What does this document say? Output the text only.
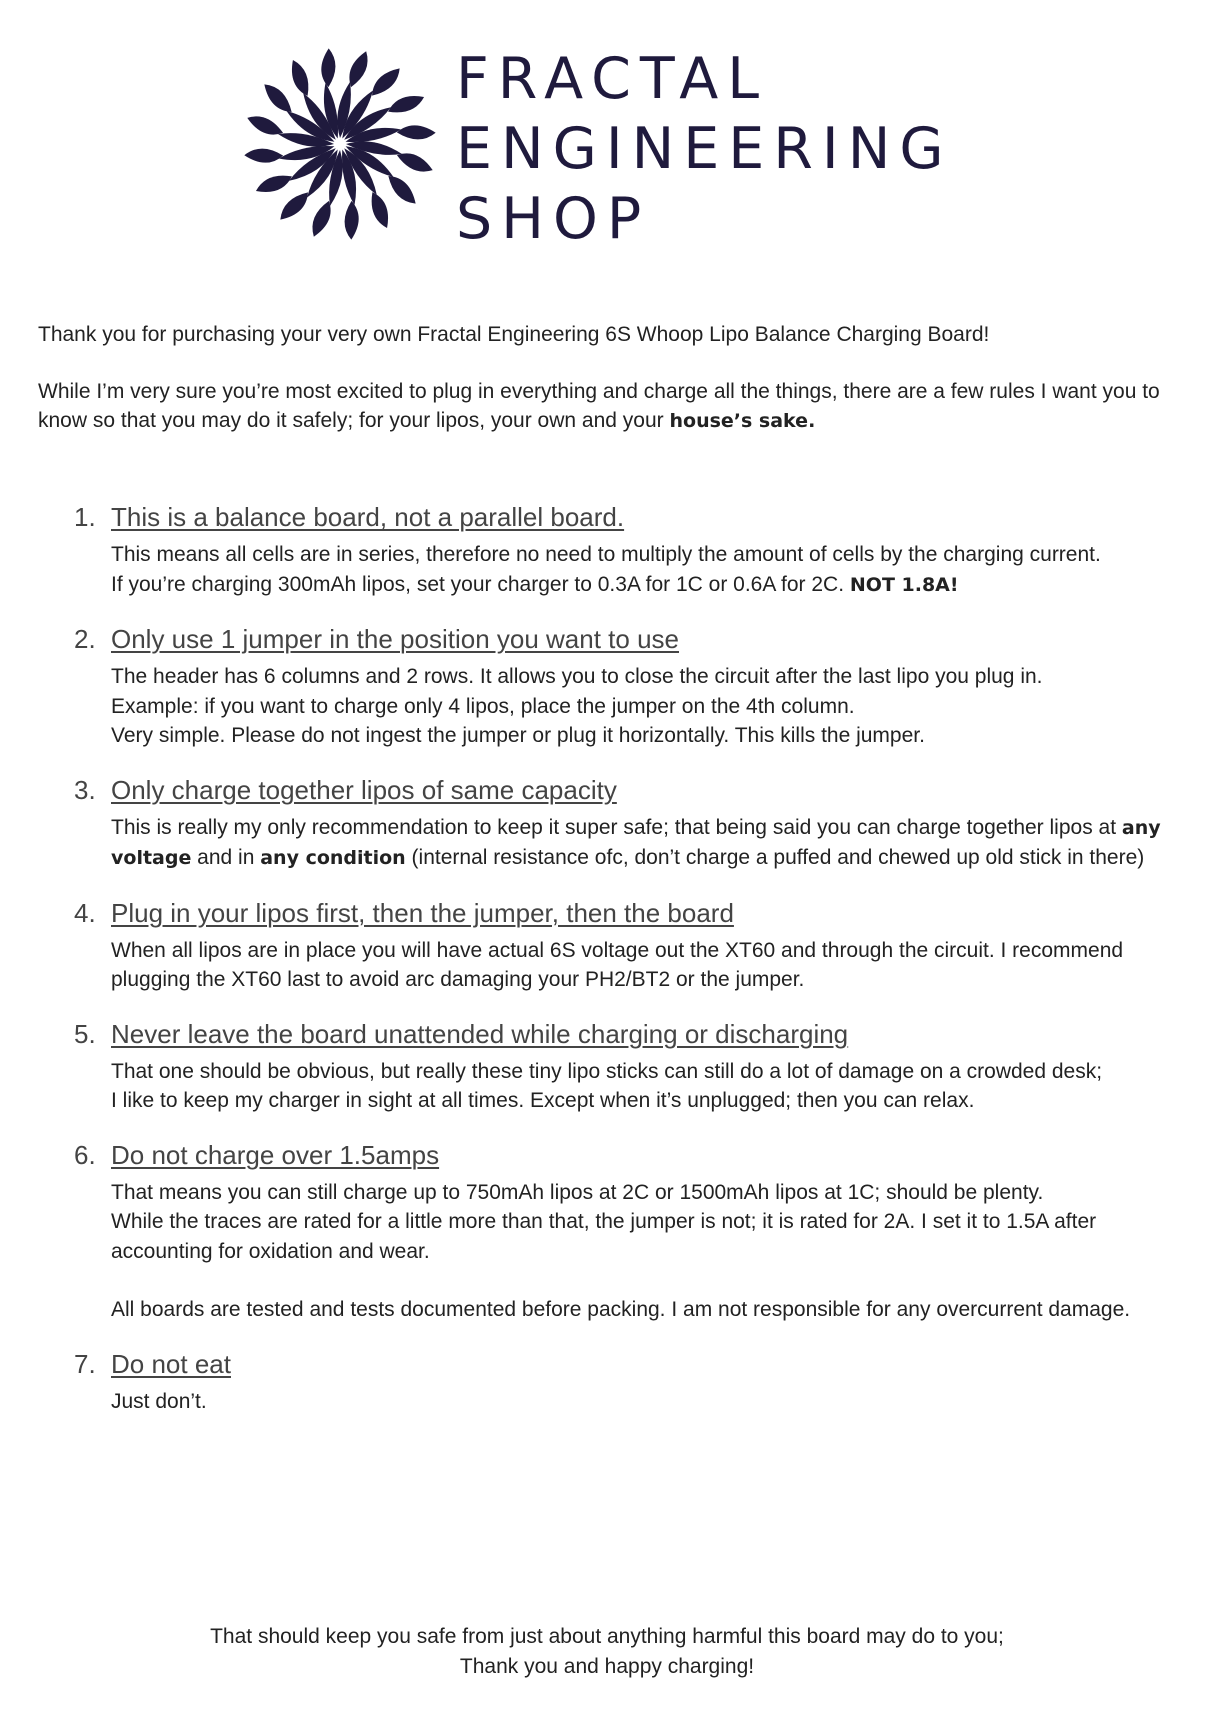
FRACTAL
ENGINEERING
SHOP

Thank you for purchasing your very own Fractal Engineering 6S Whoop Lipo Balance Charging Board!

While I’m very sure you’re most excited to plug in everything and charge all the things, there are a few rules I want you to know so that you may do it safely; for your lipos, your own and your house’s sake.

1. This is a balance board, not a parallel board.

This means all cells are in series, therefore no need to multiply the amount of cells by the charging current.

If you’re charging 300mAh lipos, set your charger to 0.3A for 1C or 0.6A for 2C. NOT 1.8A!

2. Only use 1 jumper in the position you want to use

The header has 6 columns and 2 rows. It allows you to close the circuit after the last lipo you plug in.

Example: if you want to charge only 4 lipos, place the jumper on the 4th column.

Very simple. Please do not ingest the jumper or plug it horizontally. This kills the jumper.

3. Only charge together lipos of same capacity

This is really my only recommendation to keep it super safe; that being said you can charge together lipos at any voltage and in any condition (internal resistance ofc, don’t charge a puffed and chewed up old stick in there)

4. Plug in your lipos first, then the jumper, then the board

When all lipos are in place you will have actual 6S voltage out the XT60 and through the circuit. I recommend plugging the XT60 last to avoid arc damaging your PH2/BT2 or the jumper.

5. Never leave the board unattended while charging or discharging

That one should be obvious, but really these tiny lipo sticks can still do a lot of damage on a crowded desk;

I like to keep my charger in sight at all times. Except when it’s unplugged; then you can relax.

6. Do not charge over 1.5amps

That means you can still charge up to 750mAh lipos at 2C or 1500mAh lipos at 1C; should be plenty.

While the traces are rated for a little more than that, the jumper is not; it is rated for 2A. I set it to 1.5A after accounting for oxidation and wear.

All boards are tested and tests documented before packing. I am not responsible for any overcurrent damage.

7. Do not eat

Just don’t.

That should keep you safe from just about anything harmful this board may do to you;
Thank you and happy charging!
